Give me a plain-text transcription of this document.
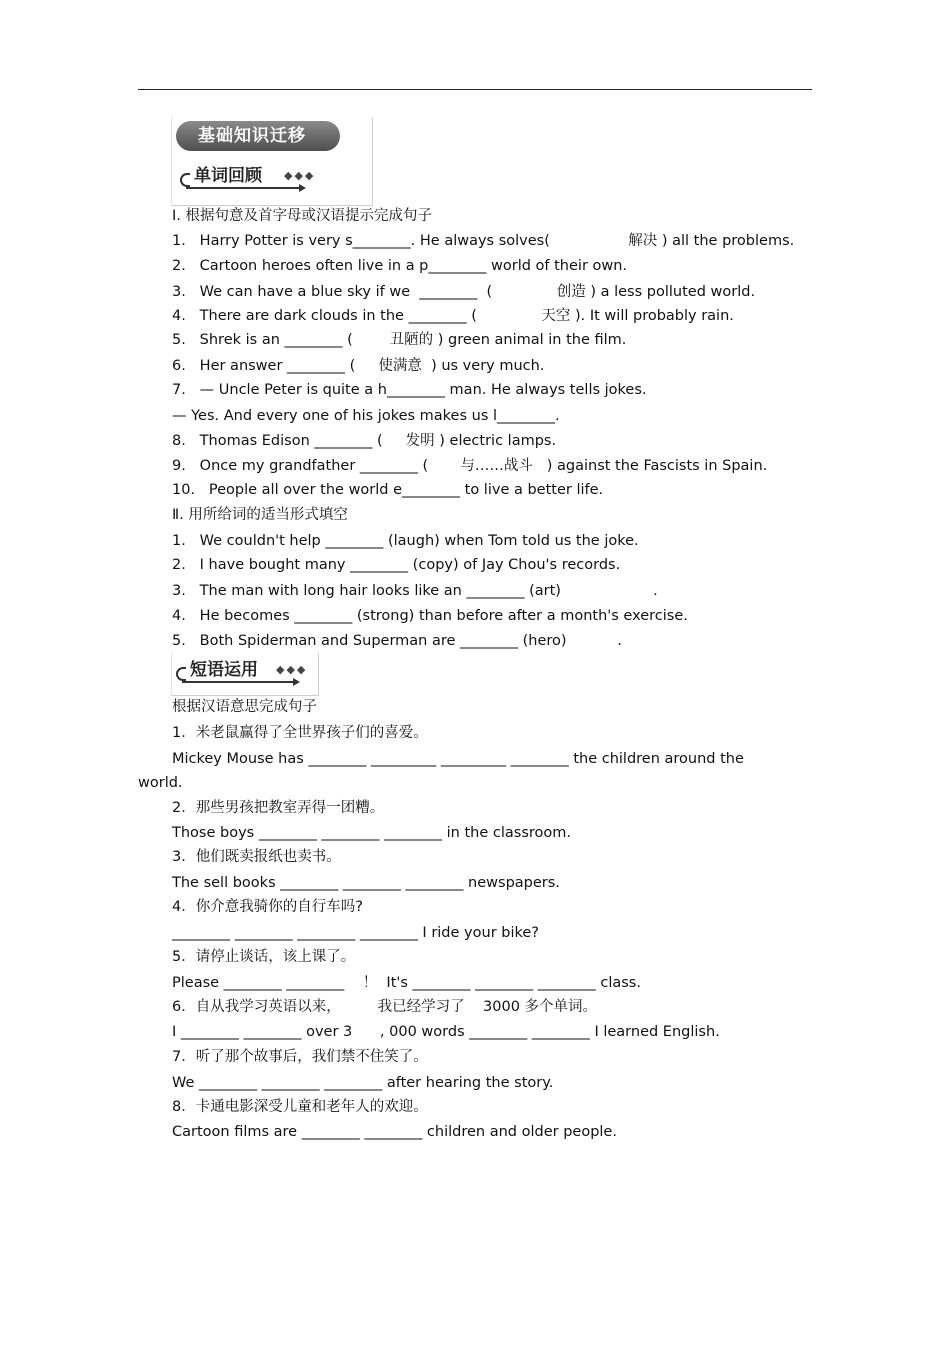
基础知识迁移
单词回顾 ◆◆◆
短语运用 ◆◆◆
Ⅰ. 根据句意及首字母或汉语提示完成句子
1.   Harry Potter is very s________. He always solves(                 解决 ) all the problems.
2.   Cartoon heroes often live in a p________ world of their own.
3.   We can have a blue sky if we  ________  (              创造 ) a less polluted world.
4.   There are dark clouds in the ________ (              天空 ). It will probably rain.
5.   Shrek is an ________ (        丑陋的 ) green animal in the film.
6.   Her answer ________ (     使满意  ) us very much.
7.   — Uncle Peter is quite a h________ man. He always tells jokes.
— Yes. And every one of his jokes makes us l________.
8.   Thomas Edison ________ (     发明 ) electric lamps.
9.   Once my grandfather ________ (       与……战斗   ) against the Fascists in Spain.
10.   People all over the world e________ to live a better life.
Ⅱ. 用所给词的适当形式填空
1.   We couldn't help ________ (laugh) when Tom told us the joke.
2.   I have bought many ________ (copy) of Jay Chou's records.
3.   The man with long hair looks like an ________ (art)                    .
4.   He becomes ________ (strong) than before after a month's exercise.
5.   Both Spiderman and Superman are ________ (hero)           .
根据汉语意思完成句子
1．米老鼠赢得了全世界孩子们的喜爱。
Mickey Mouse has ________ _________ _________ ________ the children around the
world.
2．那些男孩把教室弄得一团糟。
Those boys ________ ________ ________ in the classroom.
3．他们既卖报纸也卖书。
The sell books ________ ________ ________ newspapers.
4．你介意我骑你的自行车吗?
________ ________ ________ ________ I ride your bike?
5．请停止谈话，该上课了。
Please ________ ________    ！  It's ________ ________ ________ class.
6．自从我学习英语以来，        我已经学习了    3000 多个单词。
I ________ ________ over 3      , 000 words ________ ________ I learned English.
7．听了那个故事后，我们禁不住笑了。
We ________ ________ ________ after hearing the story.
8．卡通电影深受儿童和老年人的欢迎。
Cartoon films are ________ ________ children and older people.
